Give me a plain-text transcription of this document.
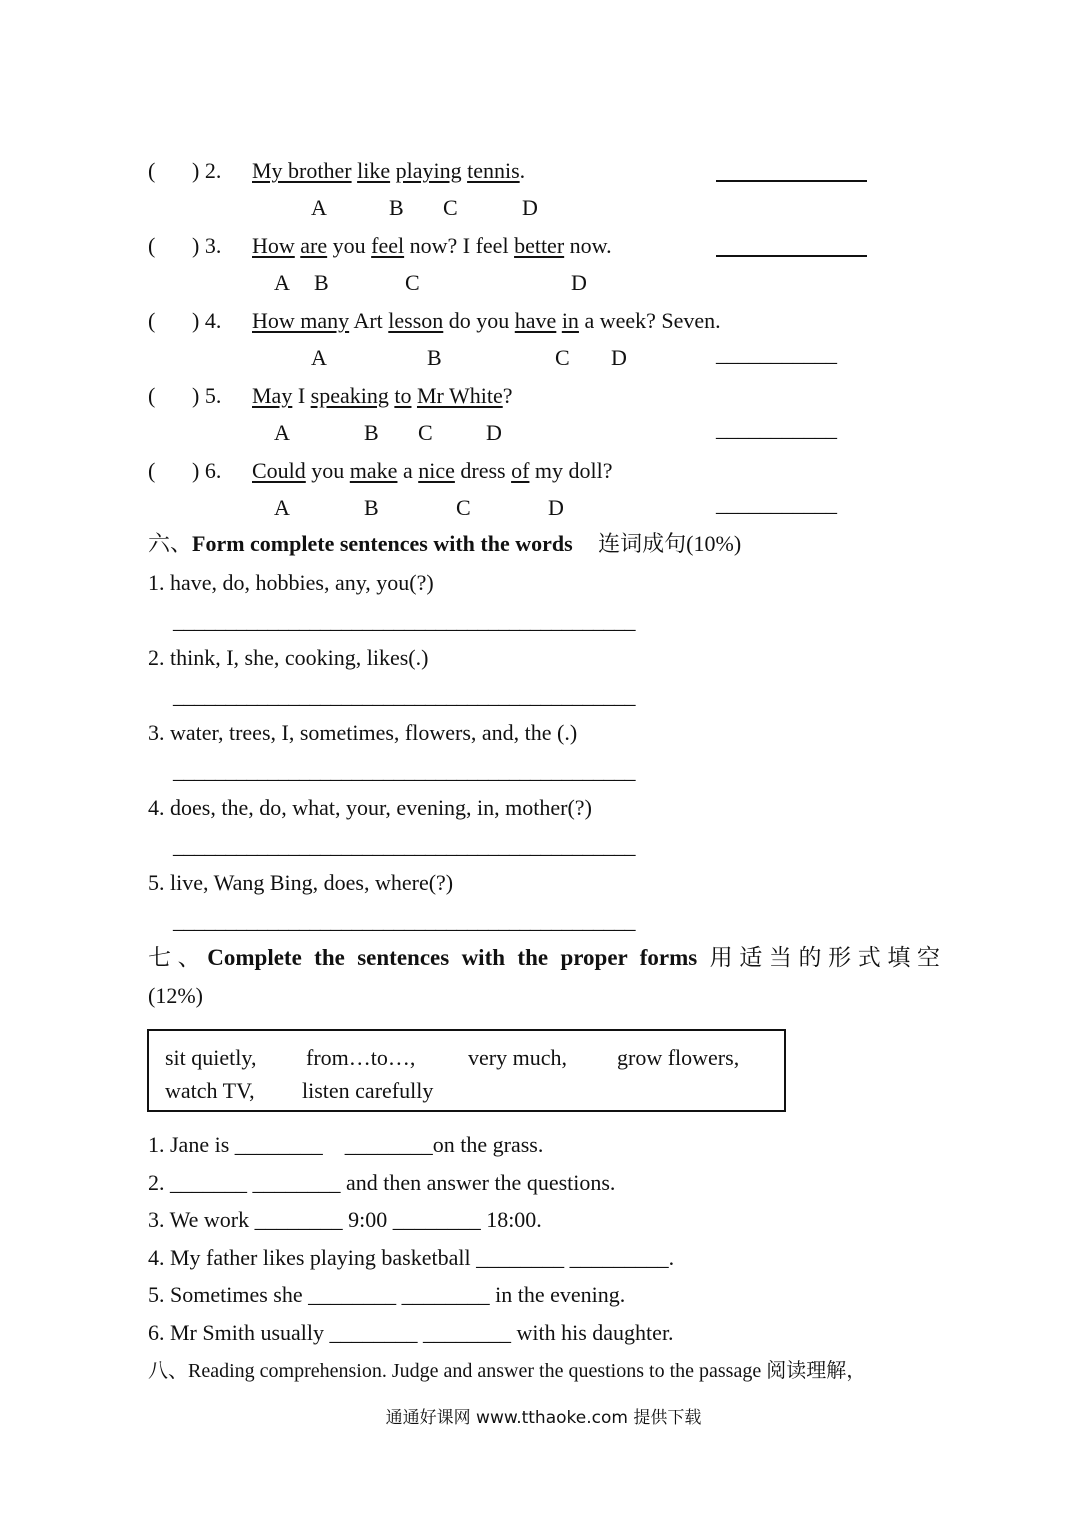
( ) 2. My brother like playing tennis.
A	B C	D
( ) 3. How are you feel now? I feel better now.
A B	C	D
( ) 4. How many Art lesson do you have in a week? Seven.
A	B	C D	___________
( ) 5. May I speaking to Mr White?
A	B C D	___________
( ) 6. Could you make a nice dress of my doll?
A	B	C	D	___________
六、Form complete sentences with the words 连词成句(10%)
1. have, do, hobbies, any, you(?)
____________________________________________
2. think, I, she, cooking, likes(.)
____________________________________________
3. water, trees, I, sometimes, flowers, and, the (.)
____________________________________________
4. does, the, do, what, your, evening, in, mother(?)
____________________________________________
5. live, Wang Bing, does, where(?)
____________________________________________
七、Complete the sentences with the proper forms 用适当的形式填空
(12%)
sit quietly, from…to…, very much, grow flowers,
watch TV, listen carefully
1. Jane is ________    ________on the grass.
2. _______ ________ and then answer the questions.
3. We work ________ 9:00 ________ 18:00.
4. My father likes playing basketball ________ _________.
5. Sometimes she ________ ________ in the evening.
6. Mr Smith usually ________ ________ with his daughter.
八、Reading comprehension. Judge and answer the questions to the passage 阅读理解，
通通好课网 www.tthaoke.com 提供下载
